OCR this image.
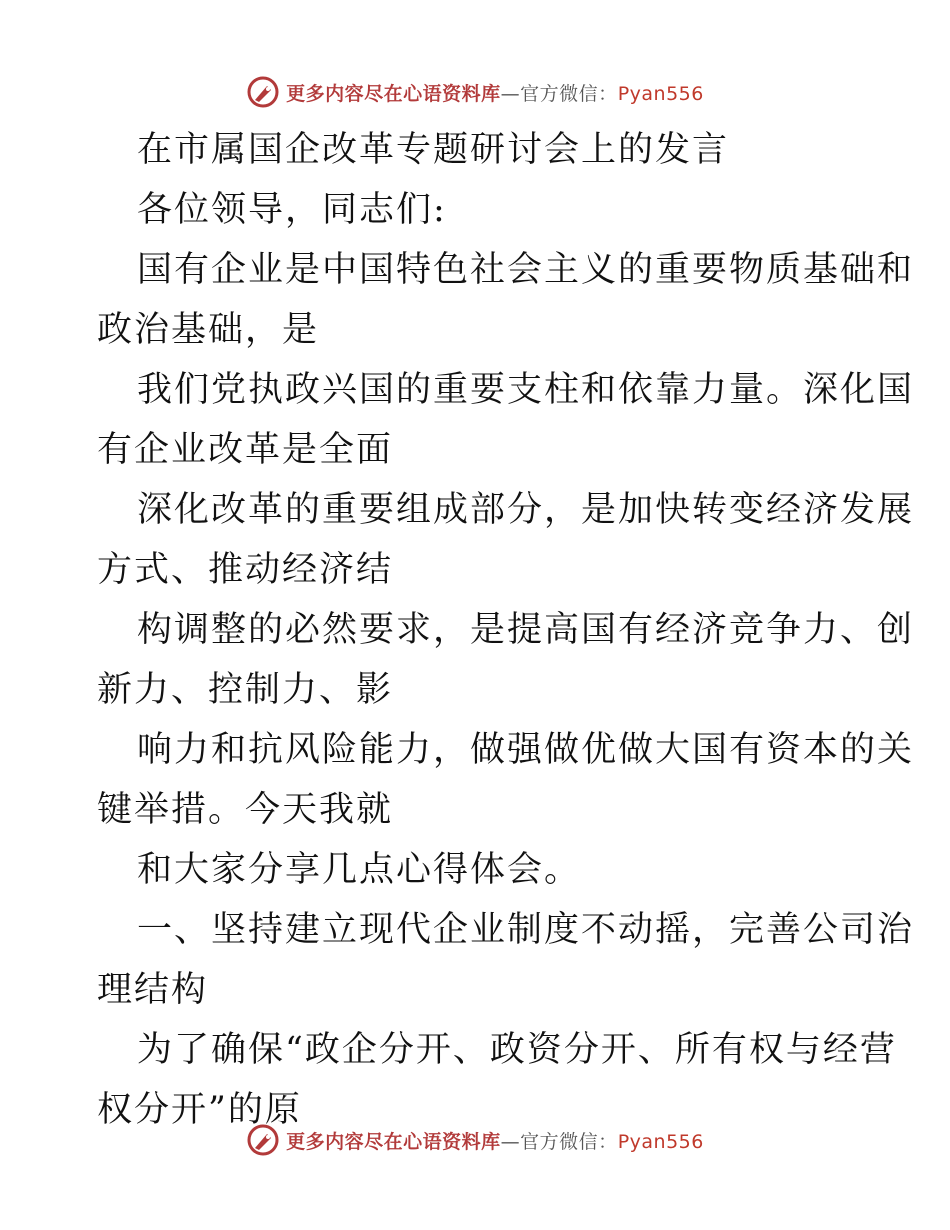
更多内容尽在心语资料库—官方微信：Pyan556
在市属国企改革专题研讨会上的发言
各位领导，同志们:
国有企业是中国特色社会主义的重要物质基础和
政治基础，是
我们党执政兴国的重要支柱和依靠力量。深化国
有企业改革是全面
深化改革的重要组成部分，是加快转变经济发展
方式、推动经济结
构调整的必然要求，是提高国有经济竞争力、创
新力、控制力、影
响力和抗风险能力，做强做优做大国有资本的关
键举措。今天我就
和大家分享几点心得体会。
一、坚持建立现代企业制度不动摇，完善公司治
理结构
为了确保“政企分开、政资分开、所有权与经营
权分开”的原
更多内容尽在心语资料库—官方微信：Pyan556
